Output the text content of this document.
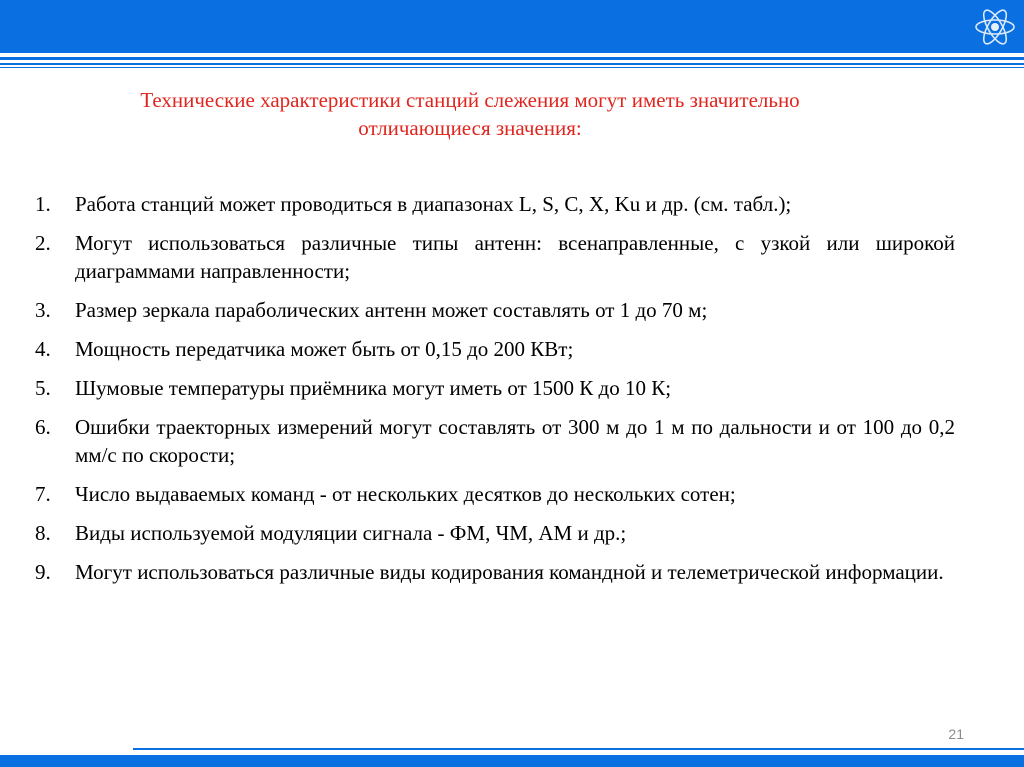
Технические характеристики станций слежения могут иметь значительно
отличающиеся значения:
1.	Работа станций может проводиться в диапазонах L, S, C, X, Ku и др. (см. табл.);
2.	Могут использоваться различные типы антенн: всенаправленные, с узкой или широкой диаграммами направленности;
3.	Размер зеркала параболических антенн может составлять от 1 до 70 м;
4.	Мощность передатчика может быть от 0,15 до 200 КВт;
5.	Шумовые температуры приёмника могут иметь от 1500 К до 10 К;
6.	Ошибки траекторных измерений могут составлять от 300 м до 1 м по дальности и от 100 до 0,2 мм/с по скорости;
7.	Число выдаваемых команд - от нескольких десятков до нескольких сотен;
8.	Виды используемой модуляции сигнала - ФМ, ЧМ, АМ и др.;
9.	Могут использоваться различные виды кодирования командной и телеметрической информации.
21
